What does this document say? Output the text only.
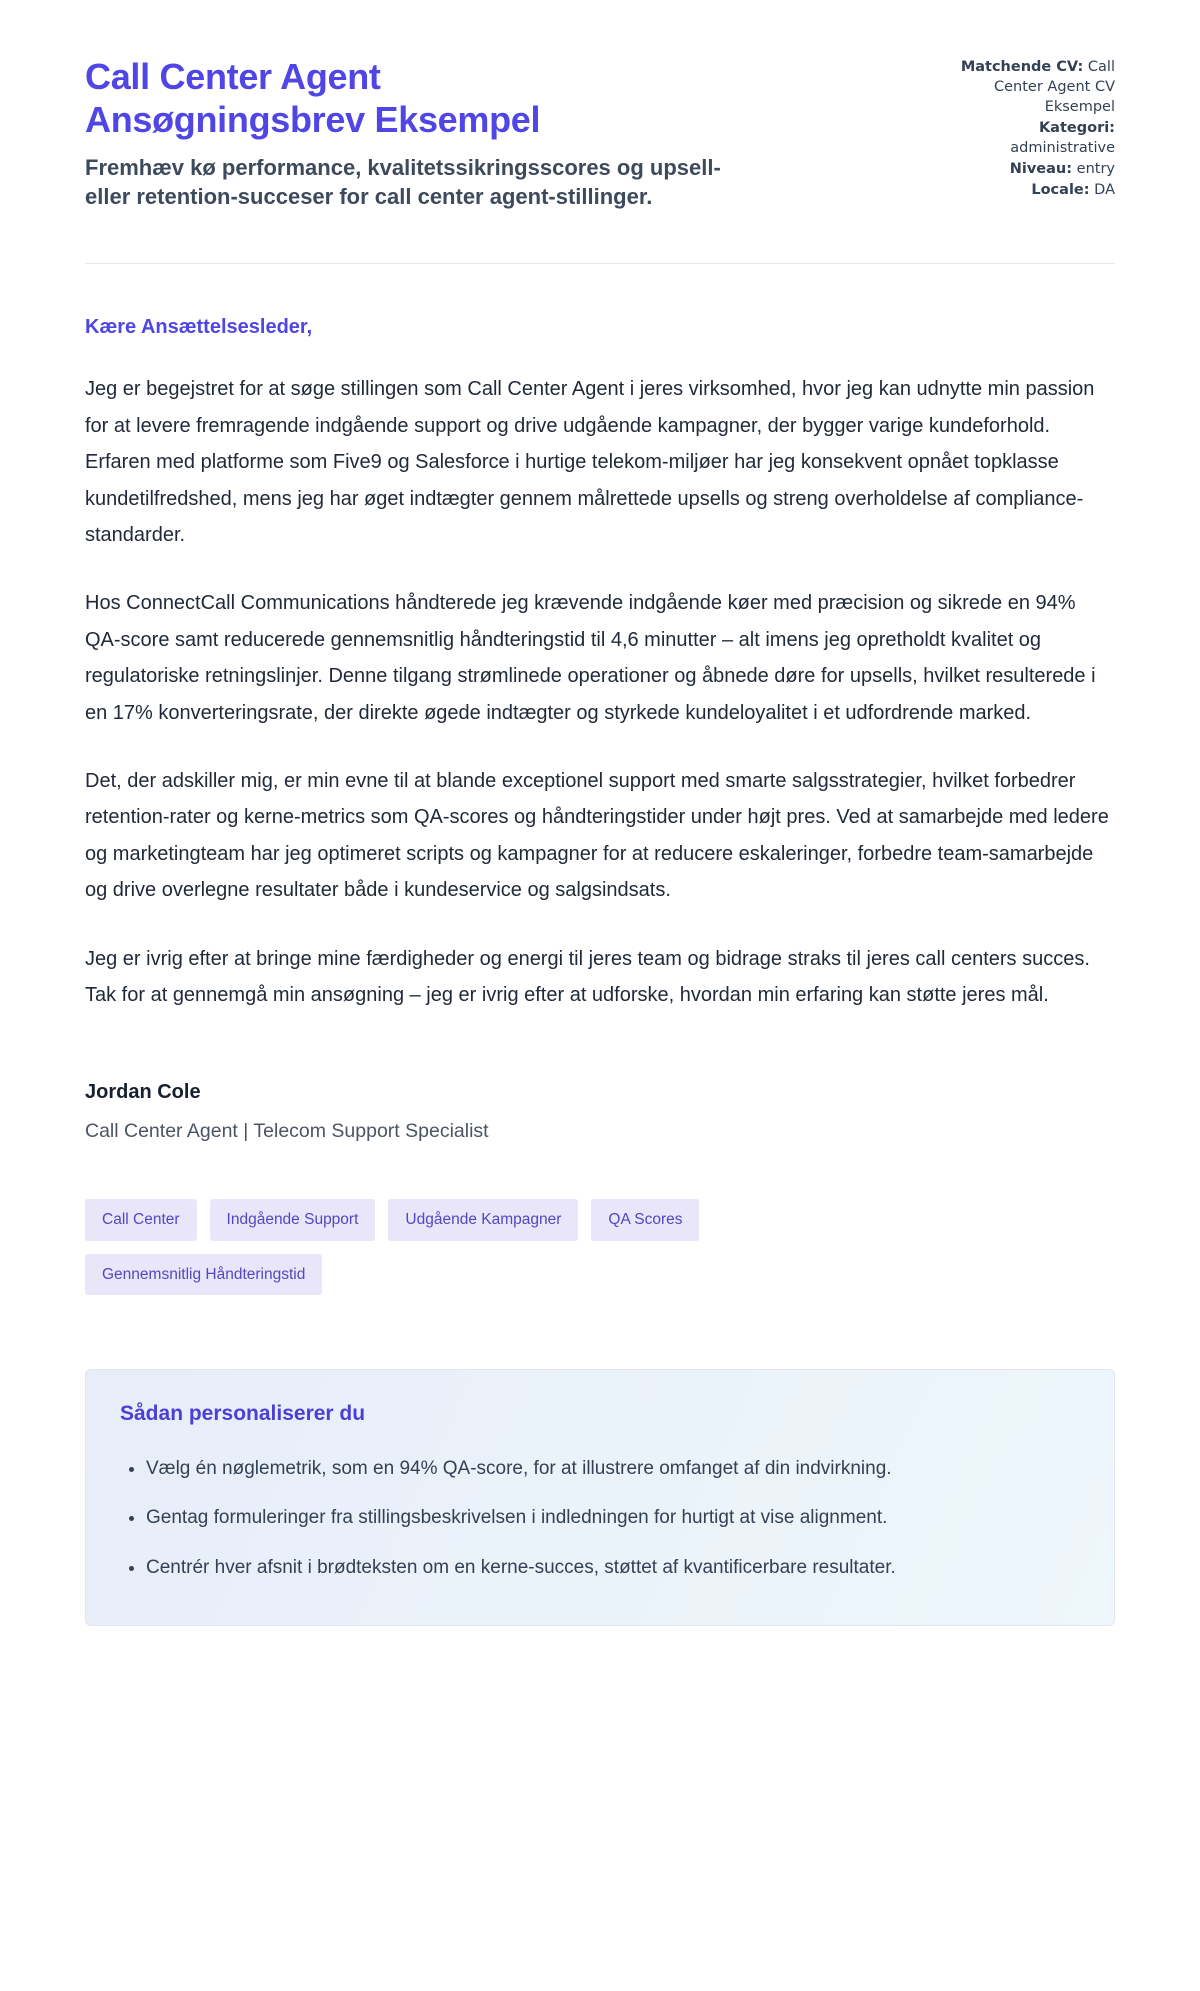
Call Center Agent
Ansøgningsbrev Eksempel
Fremhæv kø performance, kvalitetssikringsscores og upsell- eller retention-succeser for call center agent-stillinger.
Matchende CV: Call Center Agent CV Eksempel
Kategori: administrative
Niveau: entry
Locale: DA
Kære Ansættelsesleder,

Jeg er begejstret for at søge stillingen som Call Center Agent i jeres virksomhed, hvor jeg kan udnytte min passion for at levere fremragende indgående support og drive udgående kampagner, der bygger varige kundeforhold. Erfaren med platforme som Five9 og Salesforce i hurtige telekom-miljøer har jeg konsekvent opnået topklasse kundetilfredshed, mens jeg har øget indtægter gennem målrettede upsells og streng overholdelse af compliance-standarder.

Hos ConnectCall Communications håndterede jeg krævende indgående køer med præcision og sikrede en 94% QA-score samt reducerede gennemsnitlig håndteringstid til 4,6 minutter – alt imens jeg opretholdt kvalitet og regulatoriske retningslinjer. Denne tilgang strømlinede operationer og åbnede døre for upsells, hvilket resulterede i en 17% konverteringsrate, der direkte øgede indtægter og styrkede kundeloyalitet i et udfordrende marked.

Det, der adskiller mig, er min evne til at blande exceptionel support med smarte salgsstrategier, hvilket forbedrer retention-rater og kerne-metrics som QA-scores og håndteringstider under højt pres. Ved at samarbejde med ledere og marketingteam har jeg optimeret scripts og kampagner for at reducere eskaleringer, forbedre team-samarbejde og drive overlegne resultater både i kundeservice og salgsindsats.

Jeg er ivrig efter at bringe mine færdigheder og energi til jeres team og bidrage straks til jeres call centers succes. Tak for at gennemgå min ansøgning – jeg er ivrig efter at udforske, hvordan min erfaring kan støtte jeres mål.

Jordan Cole
Call Center Agent | Telecom Support Specialist
Call Center	Indgående Support	Udgående Kampagner	QA Scores
Gennemsnitlig Håndteringstid
Sådan personaliserer du
• Vælg én nøglemetrik, som en 94% QA-score, for at illustrere omfanget af din indvirkning.
• Gentag formuleringer fra stillingsbeskrivelsen i indledningen for hurtigt at vise alignment.
• Centrér hver afsnit i brødteksten om en kerne-succes, støttet af kvantificerbare resultater.
